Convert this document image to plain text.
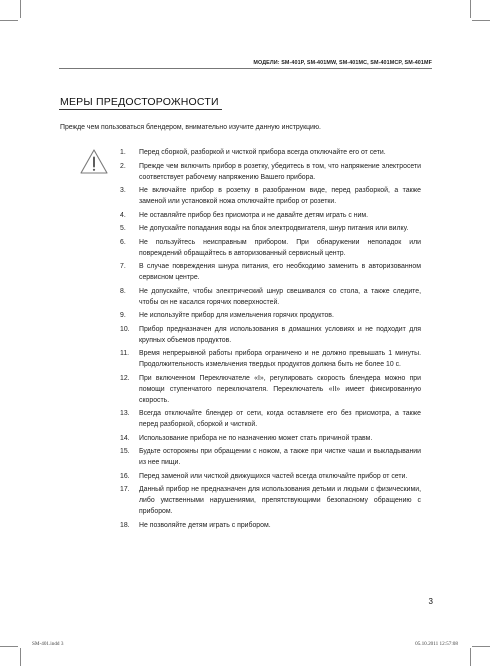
МОДЕЛИ: SM-401P, SM-401MW, SM-401MC, SM-401MCP, SM-401MF
МЕРЫ ПРЕДОСТОРОЖНОСТИ
Прежде чем пользоваться блендером, внимательно изучите данную инструкцию.
1.	Перед сборкой, разборкой и чисткой прибора всегда отключайте его от сети.
2.	Прежде чем включить прибор в розетку, убедитесь в том, что напряжение электросети соответствует рабочему напряжению Вашего прибора.
3.	Не включайте прибор в розетку в разобранном виде, перед разборкой, а также заменой или установкой ножа отключайте прибор от розетки.
4.	Не оставляйте прибор без присмотра и не давайте детям играть с ним.
5.	Не допускайте попадания воды на блок электродвигателя, шнур питания или вилку.
6.	Не пользуйтесь неисправным прибором. При обнаружении неполадок или повреждений обращайтесь в авторизованный сервисный центр.
7.	В случае повреждения шнура питания, его необходимо заменить в авторизованном сервисном центре.
8.	Не допускайте, чтобы электрический шнур свешивался со стола, а также следите, чтобы он не касался горячих поверхностей.
9.	Не используйте прибор для измельчения горячих продуктов.
10.	Прибор предназначен для использования в домашних условиях и не подходит для крупных объемов продуктов.
11.	Время непрерывной работы прибора ограничено и не должно превышать 1 минуты. Продолжительность измельчения твердых продуктов должна быть не более 10 с.
12.	При включенном Переключателе «I», регулировать скорость блендера можно при помощи ступенчатого переключателя. Переключатель «II» имеет фиксированную скорость.
13.	Всегда отключайте блендер от сети, когда оставляете его без присмотра, а также перед разборкой, сборкой и чисткой.
14.	Использование прибора не по назначению может стать причиной травм.
15.	Будьте осторожны при обращении с ножом, а также при чистке чаши и выкладывании из нее пищи.
16.	Перед заменой или чисткой движущихся частей всегда отключайте прибор от сети.
17.	Данный прибор не предназначен для использования детьми и людьми с физическими, либо умственными нарушениями, препятствующими безопасному обращению с прибором.
18.	Не позволяйте детям играть с прибором.
3
SM-401.indd 3	05.10.2011 12:57:08
